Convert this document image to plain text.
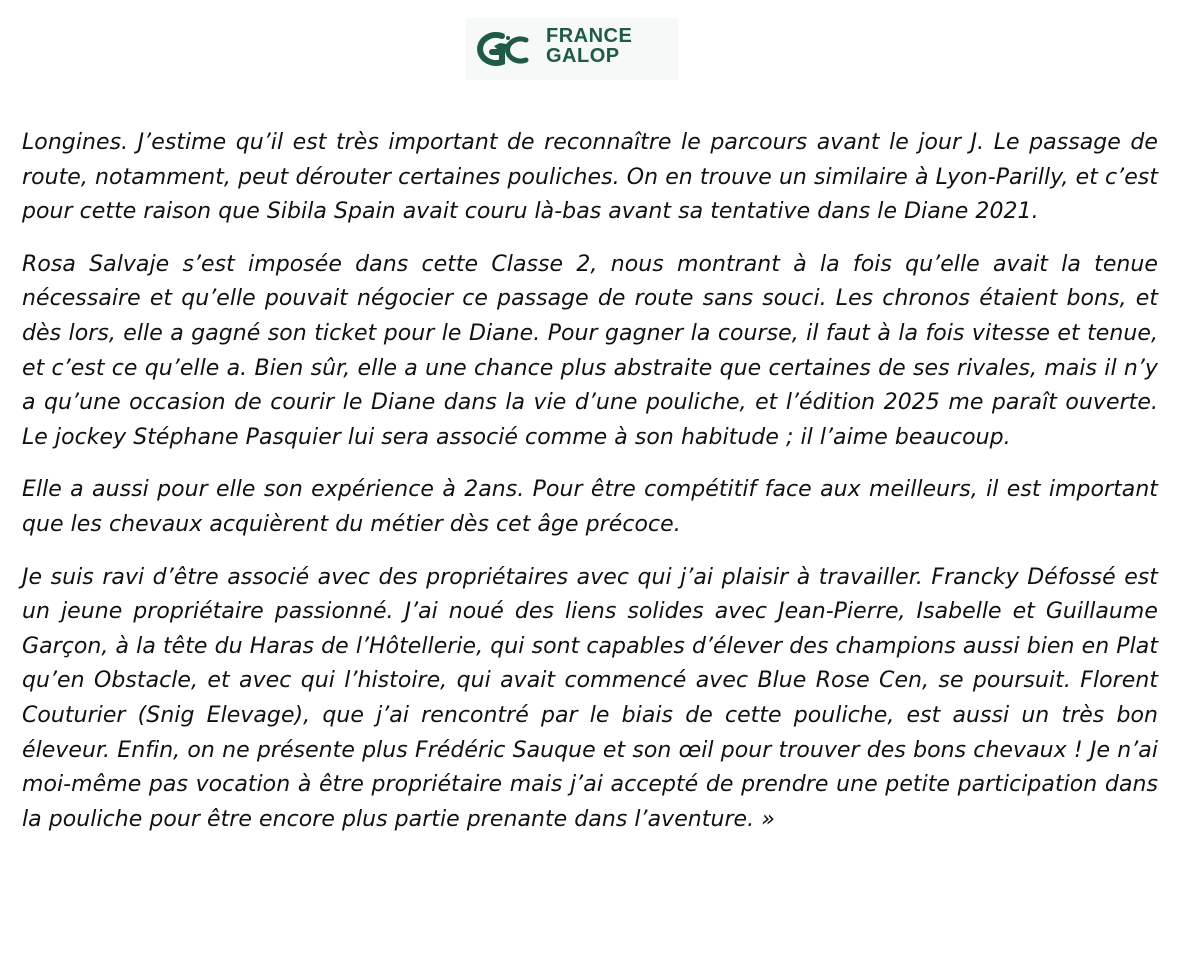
FRANCE
GALOP

Longines. J’estime qu’il est très important de reconnaître le parcours avant le jour J. Le passage de route, notamment, peut dérouter certaines pouliches. On en trouve un similaire à Lyon-Parilly, et c’est pour cette raison que Sibila Spain avait couru là-bas avant sa tentative dans le Diane 2021.

Rosa Salvaje s’est imposée dans cette Classe 2, nous montrant à la fois qu’elle avait la tenue nécessaire et qu’elle pouvait négocier ce passage de route sans souci. Les chronos étaient bons, et dès lors, elle a gagné son ticket pour le Diane. Pour gagner la course, il faut à la fois vitesse et tenue, et c’est ce qu’elle a. Bien sûr, elle a une chance plus abstraite que certaines de ses rivales, mais il n’y a qu’une occasion de courir le Diane dans la vie d’une pouliche, et l’édition 2025 me paraît ouverte. Le jockey Stéphane Pasquier lui sera associé comme à son habitude ; il l’aime beaucoup.

Elle a aussi pour elle son expérience à 2ans. Pour être compétitif face aux meilleurs, il est important que les chevaux acquièrent du métier dès cet âge précoce.

Je suis ravi d’être associé avec des propriétaires avec qui j’ai plaisir à travailler. Francky Défossé est un jeune propriétaire passionné. J’ai noué des liens solides avec Jean-Pierre, Isabelle et Guillaume Garçon, à la tête du Haras de l’Hôtellerie, qui sont capables d’élever des champions aussi bien en Plat qu’en Obstacle, et avec qui l’histoire, qui avait commencé avec Blue Rose Cen, se poursuit. Florent Couturier (Snig Elevage), que j’ai rencontré par le biais de cette pouliche, est aussi un très bon éleveur. Enfin, on ne présente plus Frédéric Sauque et son œil pour trouver des bons chevaux ! Je n’ai moi-même pas vocation à être propriétaire mais j’ai accepté de prendre une petite participation dans la pouliche pour être encore plus partie prenante dans l’aventure. »
